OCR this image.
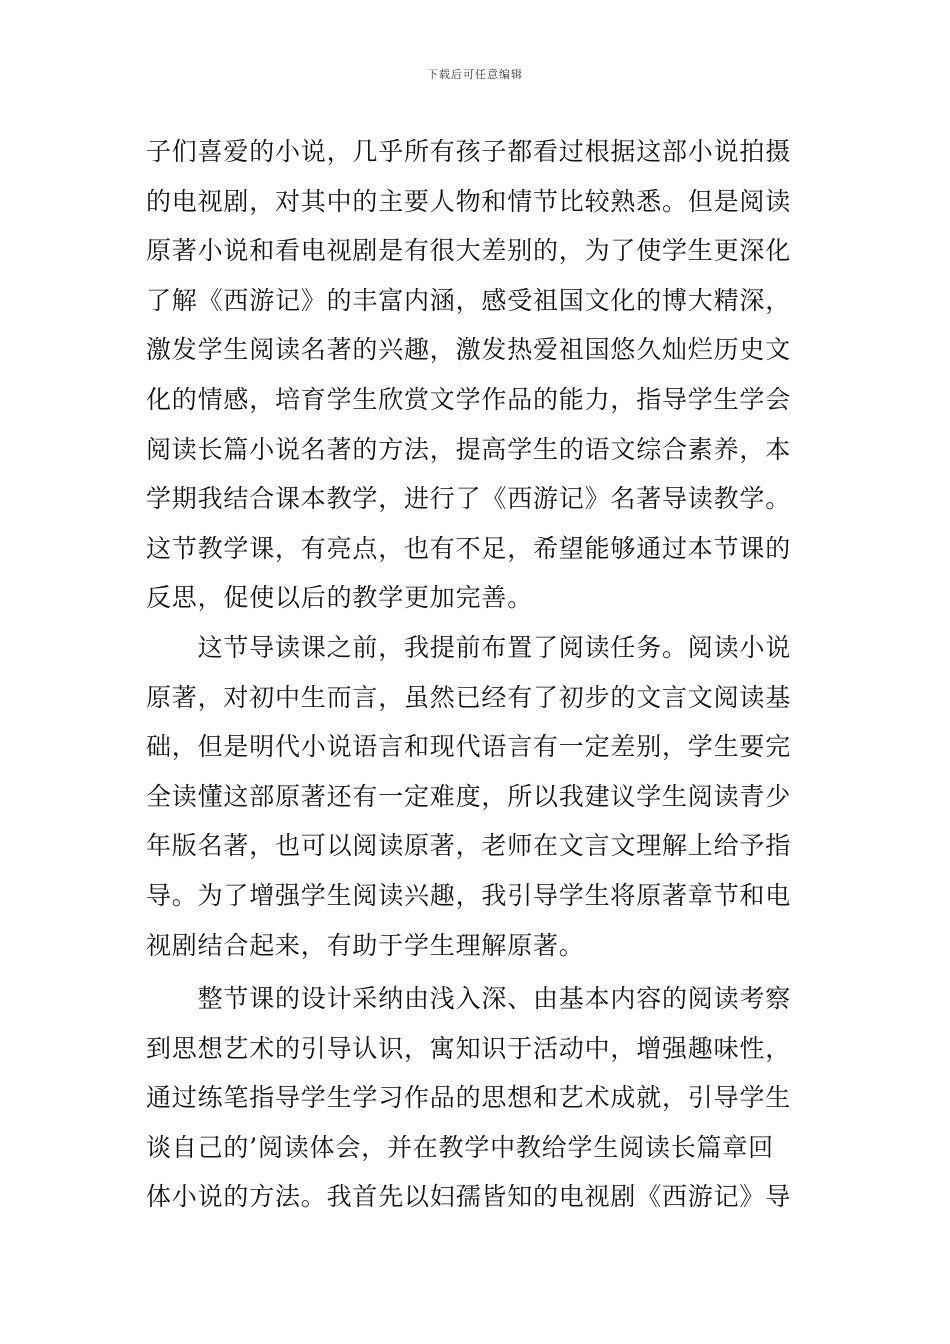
下载后可任意编辑
子们喜爱的小说，几乎所有孩子都看过根据这部小说拍摄
的电视剧，对其中的主要人物和情节比较熟悉。但是阅读
原著小说和看电视剧是有很大差别的，为了使学生更深化
了解《西游记》的丰富内涵，感受祖国文化的博大精深，
激发学生阅读名著的兴趣，激发热爱祖国悠久灿烂历史文
化的情感，培育学生欣赏文学作品的能力，指导学生学会
阅读长篇小说名著的方法，提高学生的语文综合素养，本
学期我结合课本教学，进行了《西游记》名著导读教学。
这节教学课，有亮点，也有不足，希望能够通过本节课的
反思，促使以后的教学更加完善。
　　这节导读课之前，我提前布置了阅读任务。阅读小说
原著，对初中生而言，虽然已经有了初步的文言文阅读基
础，但是明代小说语言和现代语言有一定差别，学生要完
全读懂这部原著还有一定难度，所以我建议学生阅读青少
年版名著，也可以阅读原著，老师在文言文理解上给予指
导。为了增强学生阅读兴趣，我引导学生将原著章节和电
视剧结合起来，有助于学生理解原著。
　　整节课的设计采纳由浅入深、由基本内容的阅读考察
到思想艺术的引导认识，寓知识于活动中，增强趣味性，
通过练笔指导学生学习作品的思想和艺术成就，引导学生
谈自己的’阅读体会，并在教学中教给学生阅读长篇章回
体小说的方法。我首先以妇孺皆知的电视剧《西游记》导
